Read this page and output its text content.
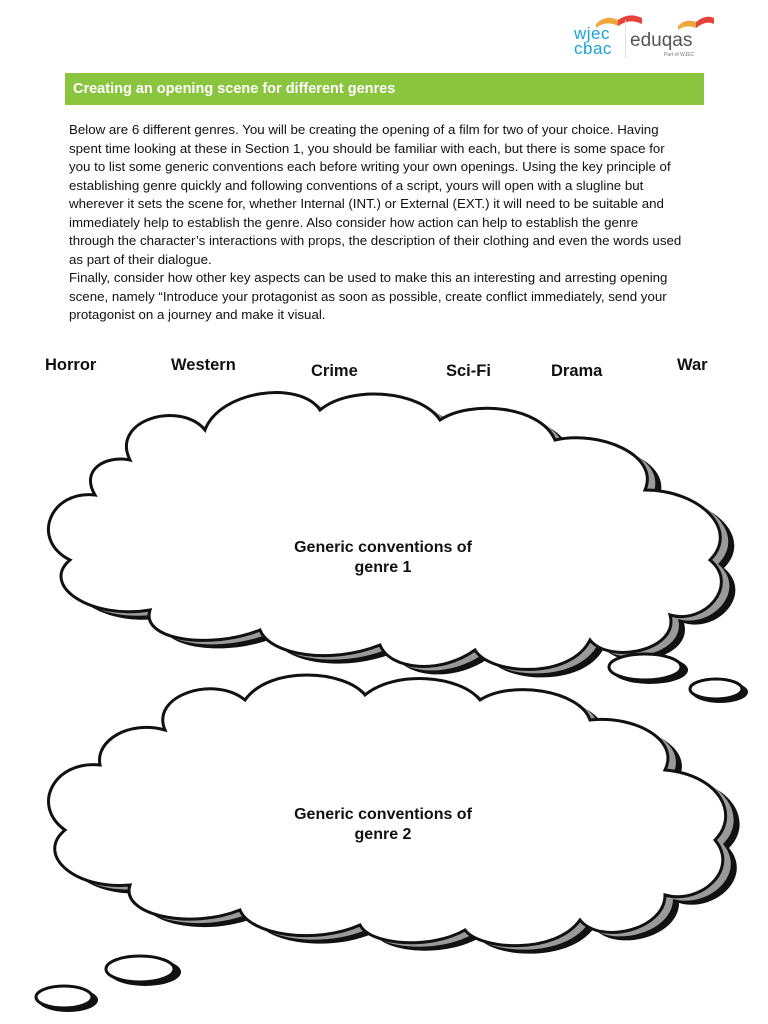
wjec
cbac eduqas
Part of WJEC
Creating an opening scene for different genres

Below are 6 different genres. You will be creating the opening of a film for two of your choice. Having spent time looking at these in Section 1, you should be familiar with each, but there is some space for you to list some generic conventions each before writing your own openings. Using the key principle of establishing genre quickly and following conventions of a script, yours will open with a slugline but wherever it sets the scene for, whether Internal (INT.) or External (EXT.) it will need to be suitable and immediately help to establish the genre. Also consider how action can help to establish the genre through the character’s interactions with props, the description of their clothing and even the words used as part of their dialogue.

Finally, consider how other key aspects can be used to make this an interesting and arresting opening scene, namely “Introduce your protagonist as soon as possible, create conflict immediately, send your protagonist on a journey and make it visual.

Horror	Western	Crime	Sci-Fi	Drama	War
Generic conventions of
genre 1
Generic conventions of
genre 2
